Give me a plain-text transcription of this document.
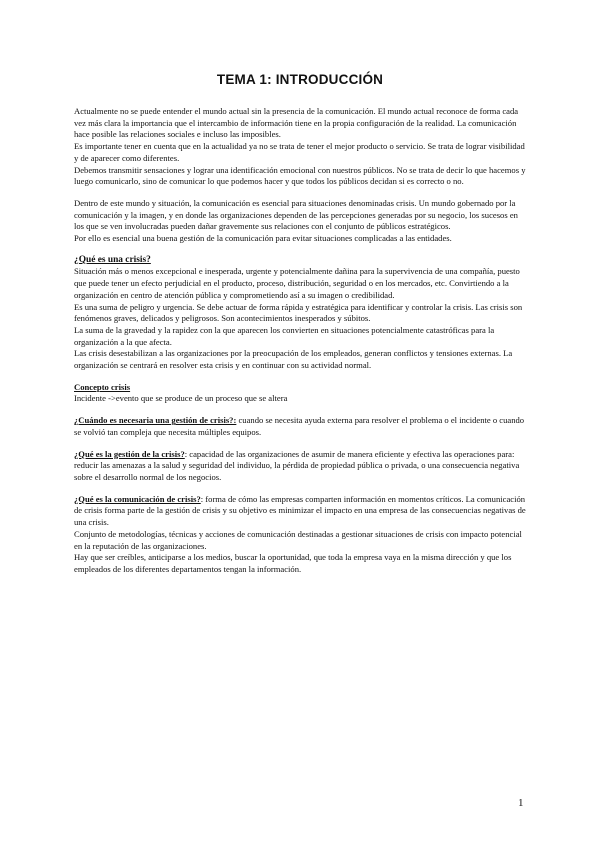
TEMA 1: INTRODUCCIÓN

Actualmente no se puede entender el mundo actual sin la presencia de la comunicación. El mundo actual reconoce de forma cada vez más clara la importancia que el intercambio de información tiene en la propia configuración de la realidad. La comunicación hace posible las relaciones sociales e incluso las imposibles.

Es importante tener en cuenta que en la actualidad ya no se trata de tener el mejor producto o servicio. Se trata de lograr visibilidad y de aparecer como diferentes.

Debemos transmitir sensaciones y lograr una identificación emocional con nuestros públicos. No se trata de decir lo que hacemos y luego comunicarlo, sino de comunicar lo que podemos hacer y que todos los públicos decidan si es correcto o no.

Dentro de este mundo y situación, la comunicación es esencial para situaciones denominadas crisis. Un mundo gobernado por la comunicación y la imagen, y en donde las organizaciones dependen de las percepciones generadas por su negocio, los sucesos en los que se ven involucradas pueden dañar gravemente sus relaciones con el conjunto de públicos estratégicos.

Por ello es esencial una buena gestión de la comunicación para evitar situaciones complicadas a las entidades.

¿Qué es una crisis?

Situación más o menos excepcional e inesperada, urgente y potencialmente dañina para la supervivencia de una compañía, puesto que puede tener un efecto perjudicial en el producto, proceso, distribución, seguridad o en los mercados, etc. Convirtiendo a la organización en centro de atención pública y comprometiendo así a su imagen o credibilidad.

Es una suma de peligro y urgencia. Se debe actuar de forma rápida y estratégica para identificar y controlar la crisis. Las crisis son fenómenos graves, delicados y peligrosos. Son acontecimientos inesperados y súbitos.

La suma de la gravedad y la rapidez con la que aparecen los convierten en situaciones potencialmente catastróficas para la organización a la que afecta.

Las crisis desestabilizan a las organizaciones por la preocupación de los empleados, generan conflictos y tensiones externas. La organización se centrará en resolver esta crisis y en continuar con su actividad normal.

Concepto crisis

Incidente ->evento que se produce de un proceso que se altera

¿Cuándo es necesaria una gestión de crisis?: cuando se necesita ayuda externa para resolver el problema o el incidente o cuando se volvió tan compleja que necesita múltiples equipos.

¿Qué es la gestión de la crisis?: capacidad de las organizaciones de asumir de manera eficiente y efectiva las operaciones para: reducir las amenazas a la salud y seguridad del individuo, la pérdida de propiedad pública o privada, o una consecuencia negativa sobre el desarrollo normal de los negocios.

¿Qué es la comunicación de crisis?: forma de cómo las empresas comparten información en momentos críticos. La comunicación de crisis forma parte de la gestión de crisis y su objetivo es minimizar el impacto en una empresa de las consecuencias negativas de una crisis.

Conjunto de metodologías, técnicas y acciones de comunicación destinadas a gestionar situaciones de crisis con impacto potencial en la reputación de las organizaciones.

Hay que ser creíbles, anticiparse a los medios, buscar la oportunidad, que toda la empresa vaya en la misma dirección y que los empleados de los diferentes departamentos tengan la información.

1
